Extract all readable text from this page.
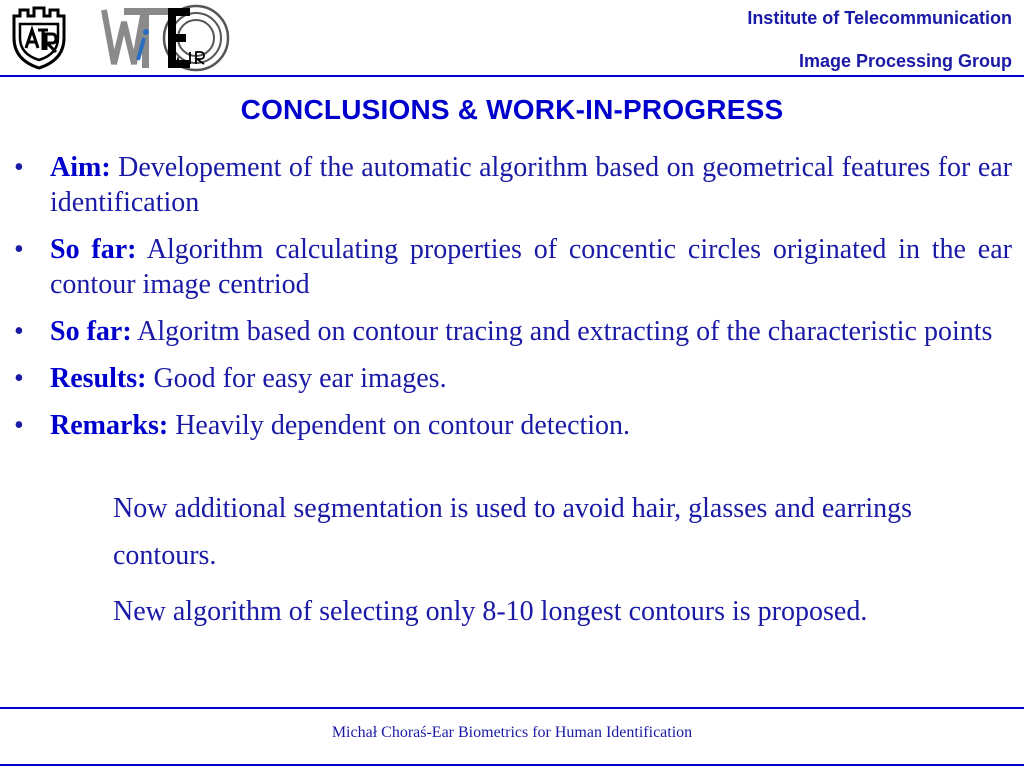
Institute of Telecommunication
Image Processing Group
CONCLUSIONS & WORK-IN-PROGRESS
• Aim: Developement of the automatic algorithm based on geometrical features for ear identification
• So far: Algorithm calculating properties of concentic circles originated in the ear contour image centriod
• So far: Algoritm based on contour tracing and extracting of the characteristic points
• Results: Good for easy ear images.
• Remarks: Heavily dependent on contour detection.
Now additional segmentation is used to avoid hair, glasses and earrings contours.
New algorithm of selecting only 8-10 longest contours is proposed.
Michał Choraś-Ear Biometrics for Human Identification
